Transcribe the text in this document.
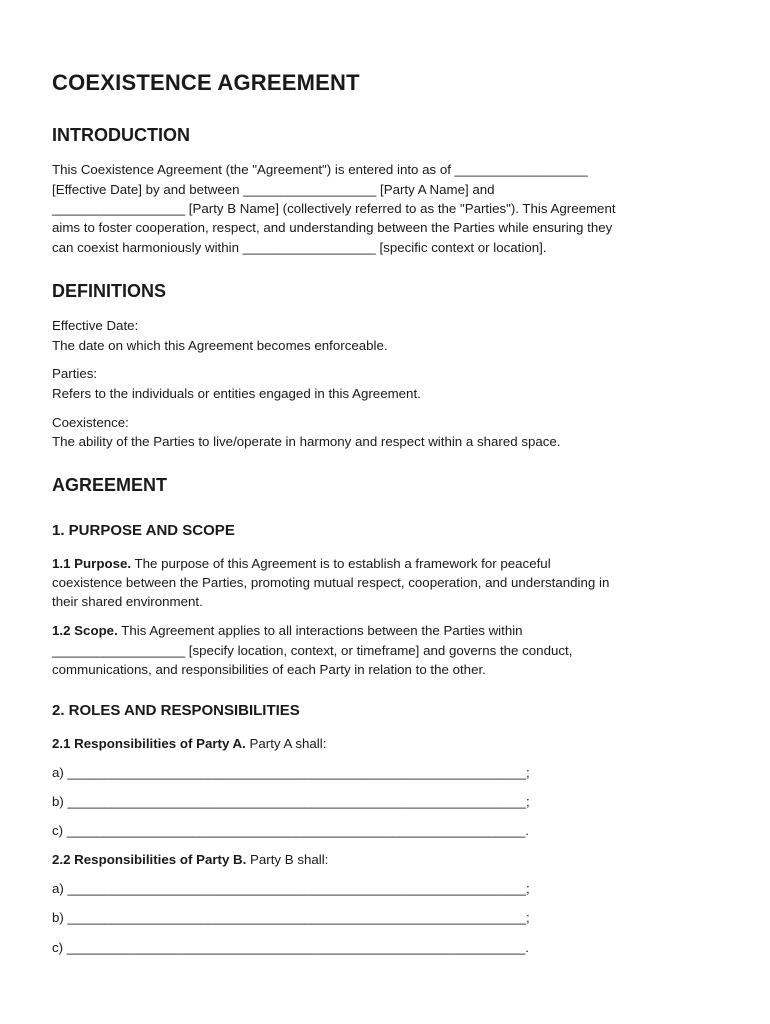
COEXISTENCE AGREEMENT
INTRODUCTION

This Coexistence Agreement (the "Agreement") is entered into as of __________________

[Effective Date] by and between __________________ [Party A Name] and

__________________ [Party B Name] (collectively referred to as the "Parties"). This Agreement

aims to foster cooperation, respect, and understanding between the Parties while ensuring they

can coexist harmoniously within __________________ [specific context or location].

DEFINITIONS

Effective Date:

The date on which this Agreement becomes enforceable.

Parties:

Refers to the individuals or entities engaged in this Agreement.

Coexistence:

The ability of the Parties to live/operate in harmony and respect within a shared space.

AGREEMENT
1. PURPOSE AND SCOPE

1.1 Purpose. The purpose of this Agreement is to establish a framework for peaceful

coexistence between the Parties, promoting mutual respect, cooperation, and understanding in

their shared environment.

1.2 Scope. This Agreement applies to all interactions between the Parties within

__________________ [specify location, context, or timeframe] and governs the conduct,

communications, and responsibilities of each Party in relation to the other.

2. ROLES AND RESPONSIBILITIES

2.1 Responsibilities of Party A. Party A shall:

a) ______________________________________________________________;

b) ______________________________________________________________;

c) ______________________________________________________________.

2.2 Responsibilities of Party B. Party B shall:

a) ______________________________________________________________;

b) ______________________________________________________________;

c) ______________________________________________________________.
